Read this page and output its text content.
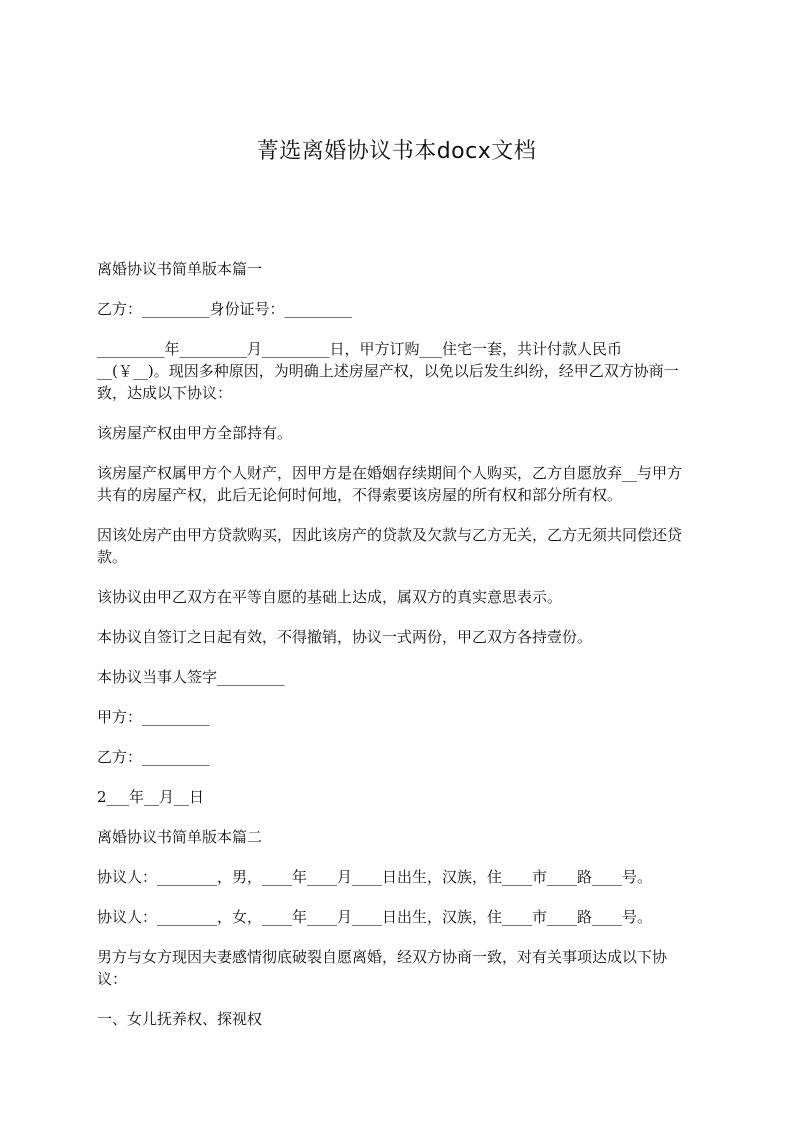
菁选离婚协议书本docx文档

离婚协议书简单版本篇一

乙方：_________身份证号：_________

_________年_________月_________日，甲方订购___住宅一套，共计付款人民币__(￥__)。现因多种原因，为明确上述房屋产权，以免以后发生纠纷，经甲乙双方协商一致，达成以下协议：

该房屋产权由甲方全部持有。

该房屋产权属甲方个人财产，因甲方是在婚姻存续期间个人购买，乙方自愿放弃__与甲方共有的房屋产权，此后无论何时何地，不得索要该房屋的所有权和部分所有权。

因该处房产由甲方贷款购买，因此该房产的贷款及欠款与乙方无关，乙方无须共同偿还贷款。

该协议由甲乙双方在平等自愿的基础上达成，属双方的真实意思表示。

本协议自签订之日起有效，不得撤销，协议一式两份，甲乙双方各持壹份。

本协议当事人签字_________

甲方：_________

乙方：_________

2___年__月__日

离婚协议书简单版本篇二

协议人：________，男，____年____月____日出生，汉族，住____市____路____号。

协议人：________，女，____年____月____日出生，汉族，住____市____路____号。

男方与女方现因夫妻感情彻底破裂自愿离婚，经双方协商一致，对有关事项达成以下协议：

一、女儿抚养权、探视权
